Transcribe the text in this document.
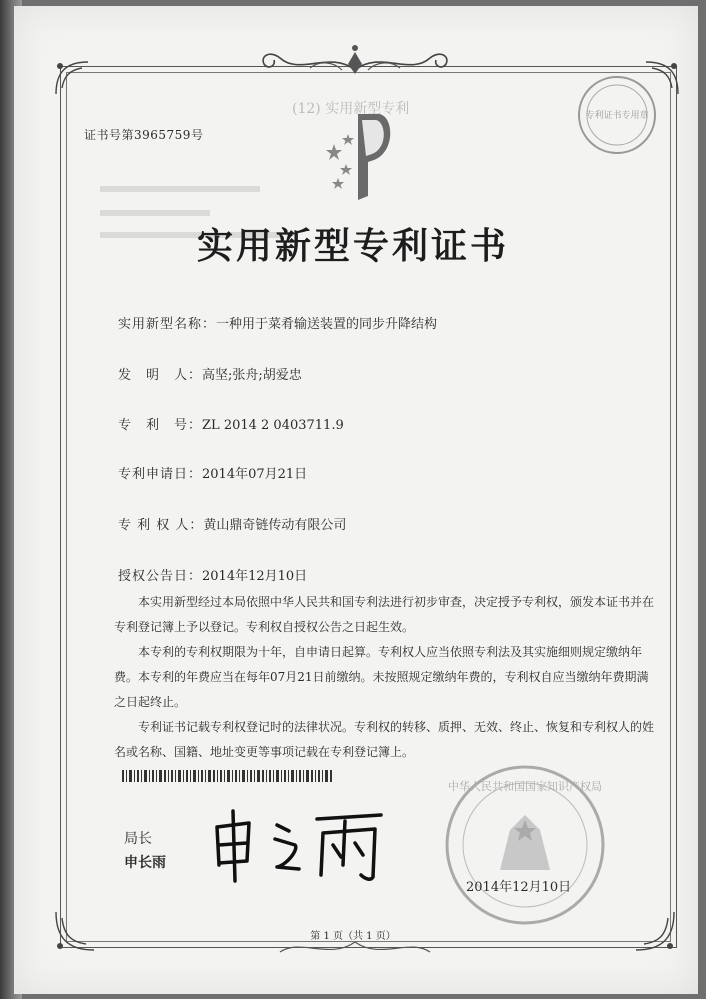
专利证书专用章
(12) 实用新型专利
证书号第3965759号
实用新型专利证书
实用新型名称：一种用于菜肴输送装置的同步升降结构
发　明　人：高坚;张舟;胡爱忠
专　利　号：ZL 2014 2 0403711.9
专利申请日：2014年07月21日
专 利 权 人：黄山鼎奇链传动有限公司
授权公告日：2014年12月10日

本实用新型经过本局依照中华人民共和国专利法进行初步审查，决定授予专利权，颁发本证书并在专利登记簿上予以登记。专利权自授权公告之日起生效。

本专利的专利权期限为十年，自申请日起算。专利权人应当依照专利法及其实施细则规定缴纳年费。本专利的年费应当在每年07月21日前缴纳。未按照规定缴纳年费的，专利权自应当缴纳年费期满之日起终止。

专利证书记载专利权登记时的法律状况。专利权的转移、质押、无效、终止、恢复和专利权人的姓名或名称、国籍、地址变更等事项记载在专利登记簿上。

中华人民共和国国家知识产权局
局长
申长雨
2014年12月10日
第 1 页（共 1 页）
